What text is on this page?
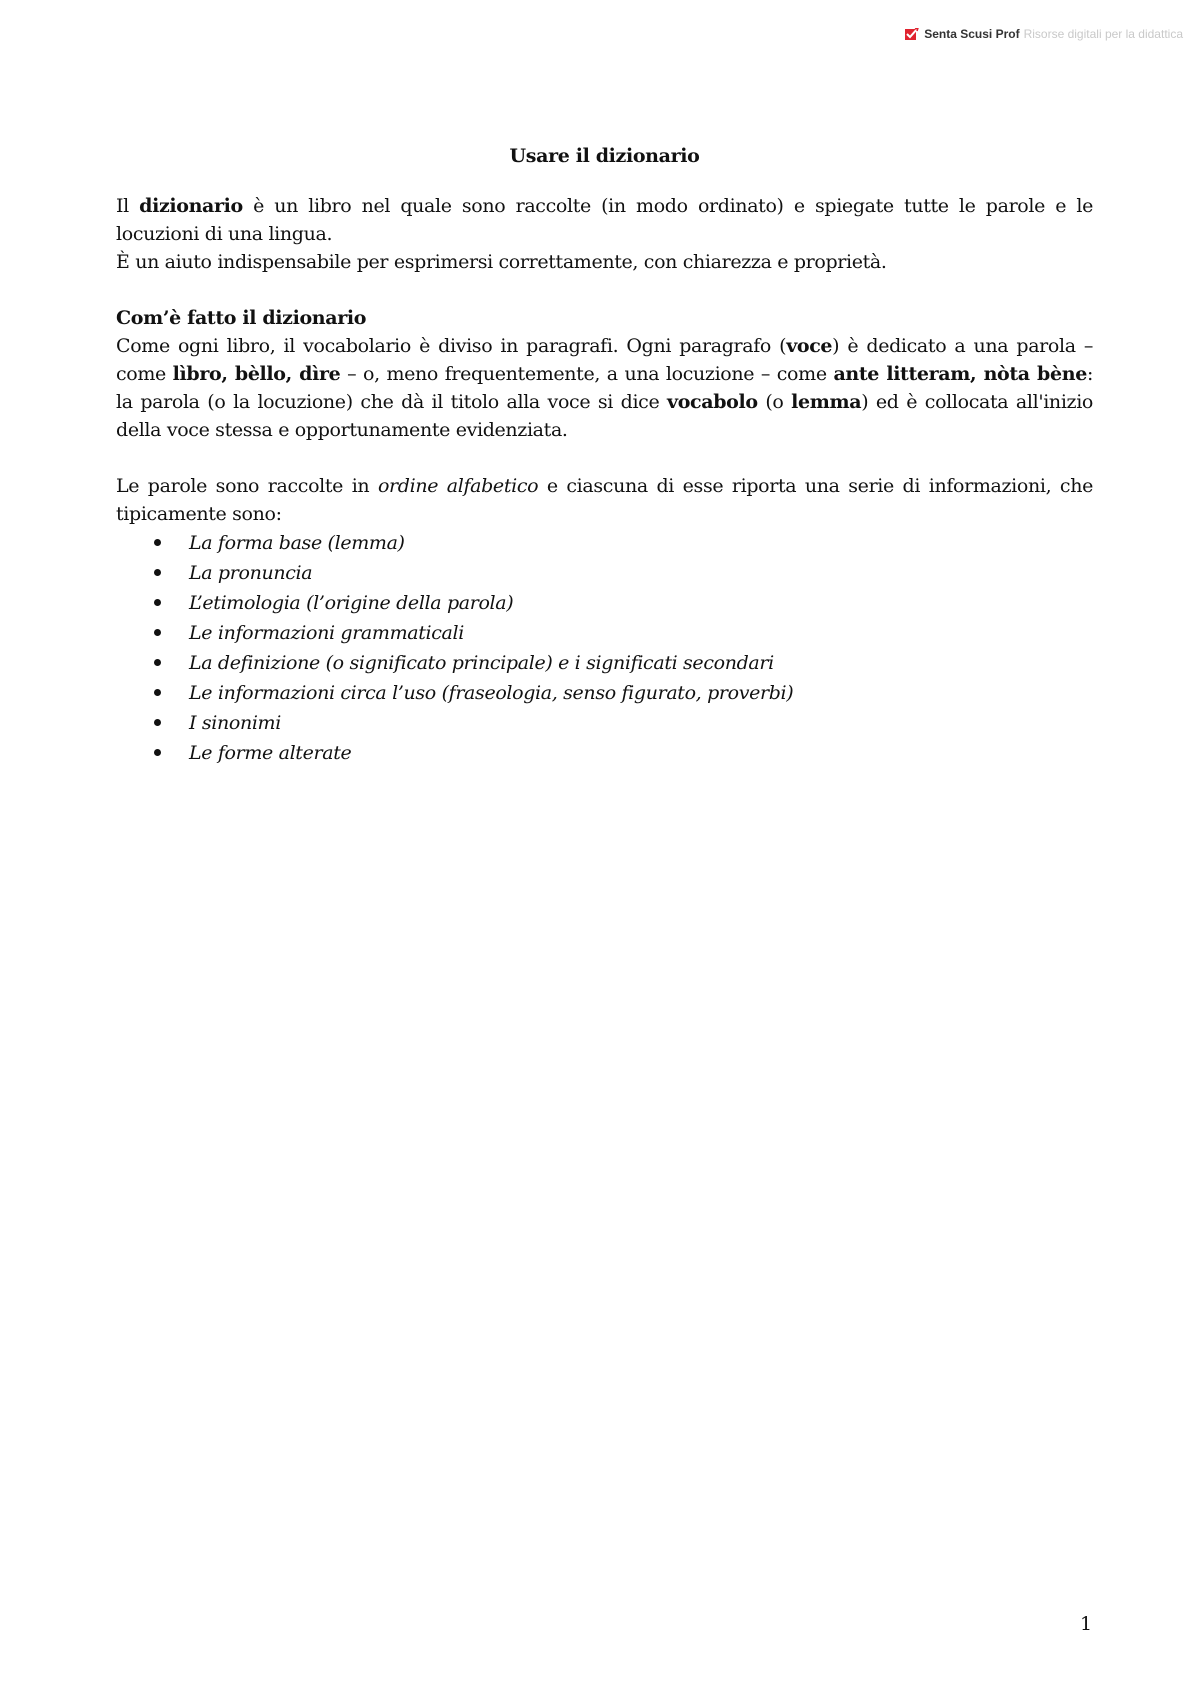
Senta Scusi Prof Risorse digitali per la didattica

Usare il dizionario

Il dizionario è un libro nel quale sono raccolte (in modo ordinato) e spiegate tutte le parole e le locuzioni di una lingua.

È un aiuto indispensabile per esprimersi correttamente, con chiarezza e proprietà.

Com’è fatto il dizionario

Come ogni libro, il vocabolario è diviso in paragrafi. Ogni paragrafo (voce) è dedicato a una parola – come lìbro, bèllo, dìre – o, meno frequentemente, a una locuzione – come ante litteram, nòta bène: la parola (o la locuzione) che dà il titolo alla voce si dice vocabolo (o lemma) ed è collocata all'inizio della voce stessa e opportunamente evidenziata.

Le parole sono raccolte in ordine alfabetico e ciascuna di esse riporta una serie di informazioni, che tipicamente sono:

La forma base (lemma)
La pronuncia
L’etimologia (l’origine della parola)
Le informazioni grammaticali
La definizione (o significato principale) e i significati secondari
Le informazioni circa l’uso (fraseologia, senso figurato, proverbi)
I sinonimi
Le forme alterate
1
